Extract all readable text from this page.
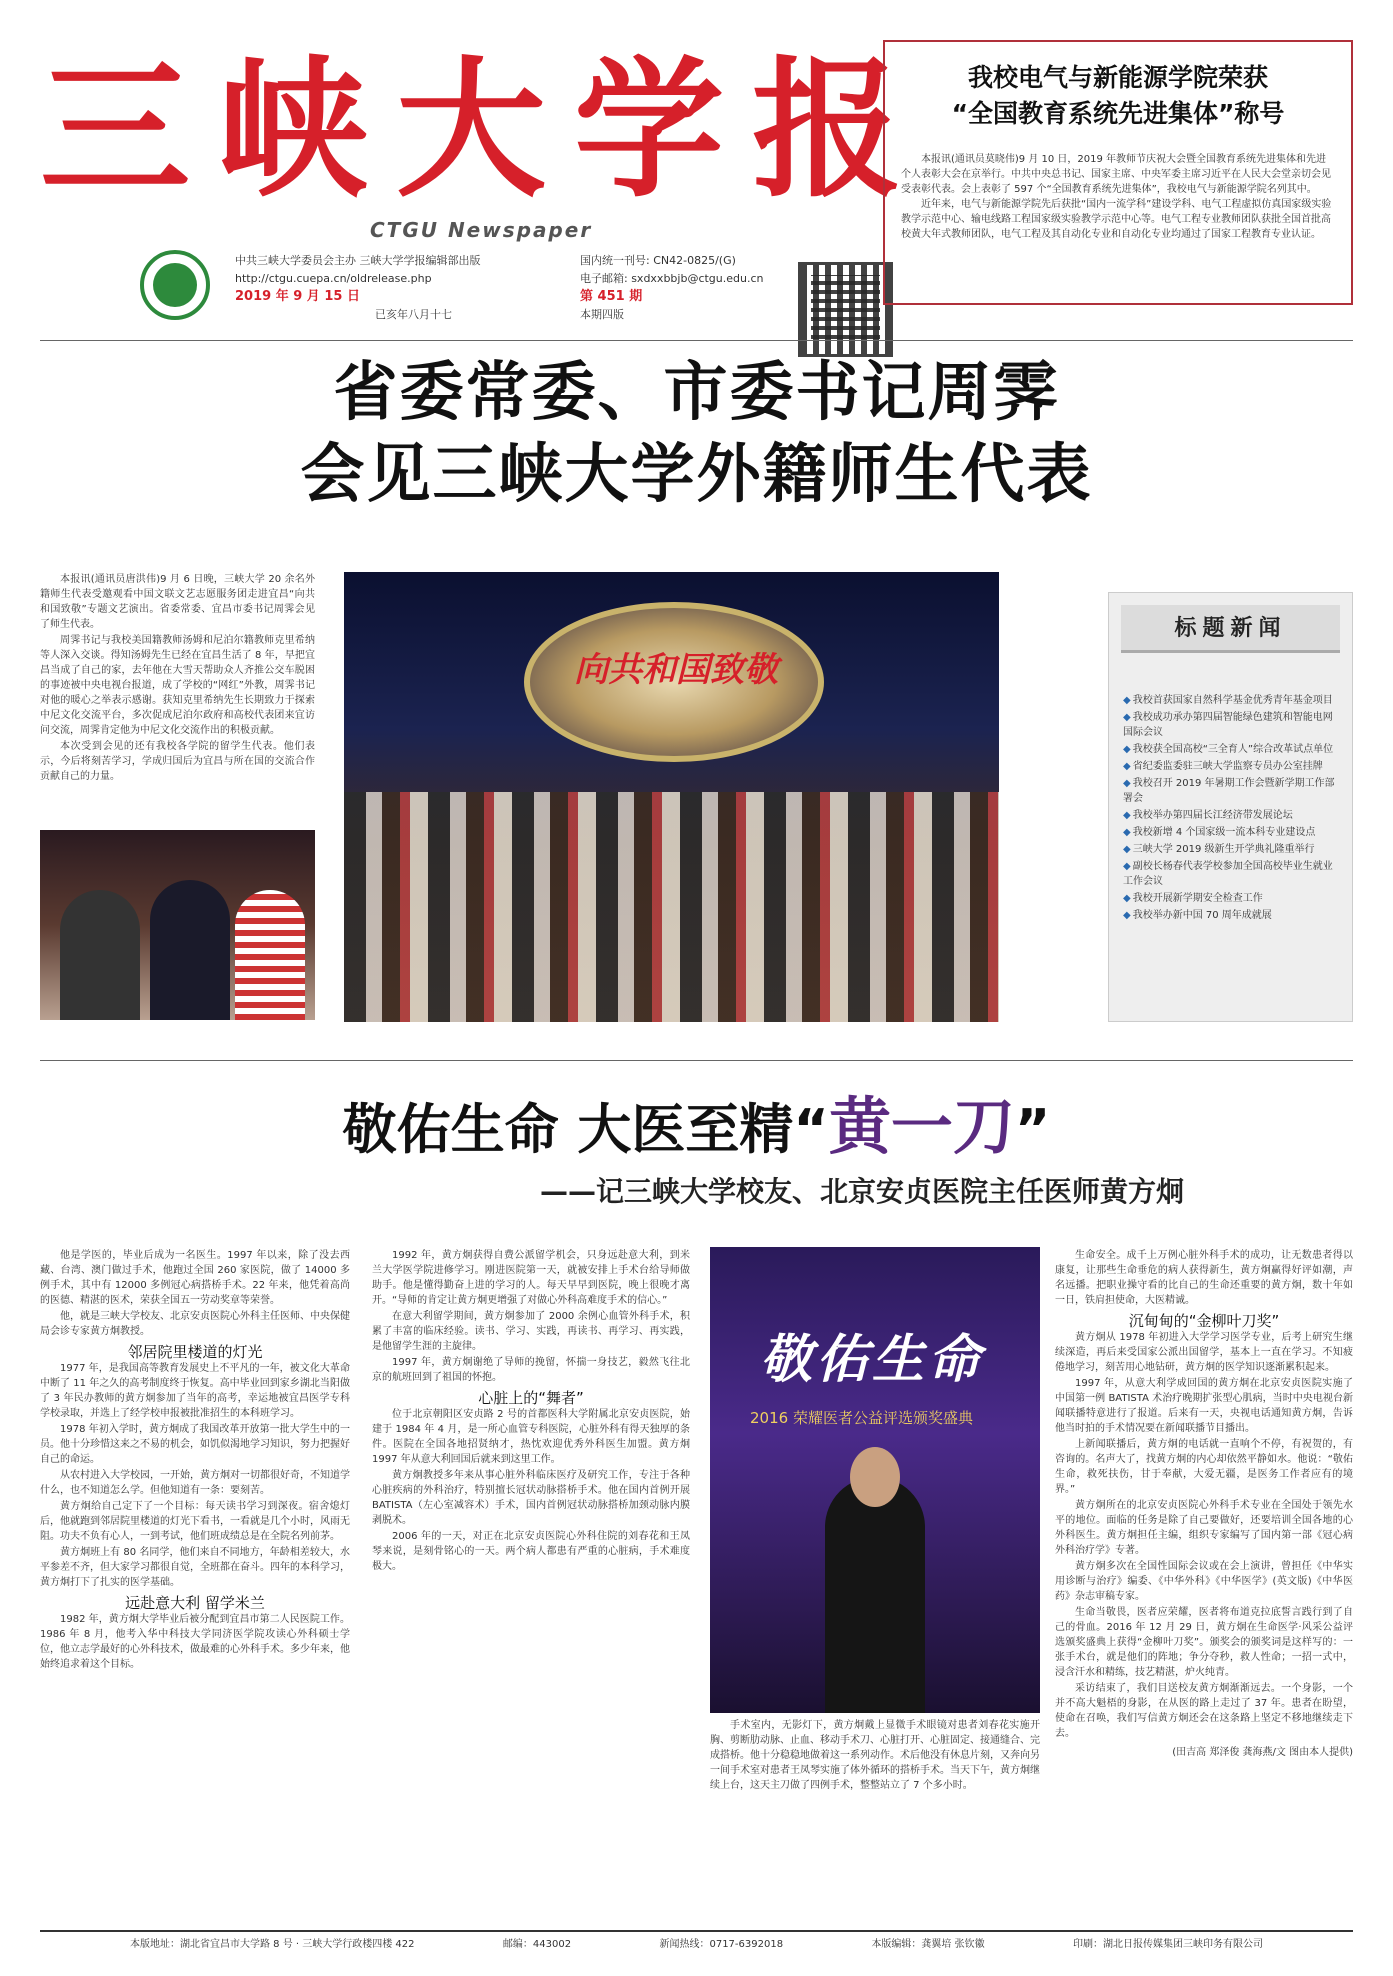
三峡大学报
CTGU Newspaper
中共三峡大学委员会主办 三峡大学学报编辑部出版
http://ctgu.cuepa.cn/oldrelease.php
2019 年 9 月 15 日
已亥年八月十七
国内统一刊号: CN42-0825/(G)
电子邮箱: sxdxxbbjb@ctgu.edu.cn
第 451 期
本期四版
我校电气与新能源学院荣获
“全国教育系统先进集体”称号

本报讯(通讯员莫晓伟)9 月 10 日，2019 年教师节庆祝大会暨全国教育系统先进集体和先进个人表彰大会在京举行。中共中央总书记、国家主席、中央军委主席习近平在人民大会堂亲切会见受表彰代表。会上表彰了 597 个“全国教育系统先进集体”，我校电气与新能源学院名列其中。

近年来，电气与新能源学院先后获批“国内一流学科”建设学科、电气工程虚拟仿真国家级实验教学示范中心、输电线路工程国家级实验教学示范中心等。电气工程专业教师团队获批全国首批高校黄大年式教师团队，电气工程及其自动化专业和自动化专业均通过了国家工程教育专业认证。

省委常委、市委书记周霁
会见三峡大学外籍师生代表

本报讯(通讯员唐洪伟)9 月 6 日晚，三峡大学 20 余名外籍师生代表受邀观看中国文联文艺志愿服务团走进宜昌“向共和国致敬”专题文艺演出。省委常委、宜昌市委书记周霁会见了师生代表。

周霁书记与我校美国籍教师汤姆和尼泊尔籍教师克里希纳等人深入交谈。得知汤姆先生已经在宜昌生活了 8 年，早把宜昌当成了自己的家，去年他在大雪天帮助众人齐推公交车脱困的事迹被中央电视台报道，成了学校的“网红”外教，周霁书记对他的暖心之举表示感谢。获知克里希纳先生长期致力于探索中尼文化交流平台，多次促成尼泊尔政府和高校代表团来宜访问交流，周霁肯定他为中尼文化交流作出的积极贡献。

本次受到会见的还有我校各学院的留学生代表。他们表示，今后将刻苦学习，学成归国后为宜昌与所在国的交流合作贡献自己的力量。

向共和国致敬
标题新闻
◆ 我校首获国家自然科学基金优秀青年基金项目
◆ 我校成功承办第四届智能绿色建筑和智能电网国际会议
◆ 我校获全国高校“三全育人”综合改革试点单位
◆ 省纪委监委驻三峡大学监察专员办公室挂牌
◆ 我校召开 2019 年暑期工作会暨新学期工作部署会
◆ 我校举办第四届长江经济带发展论坛
◆ 我校新增 4 个国家级一流本科专业建设点
◆ 三峡大学 2019 级新生开学典礼隆重举行
◆ 副校长杨春代表学校参加全国高校毕业生就业工作会议
◆ 我校开展新学期安全检查工作
◆ 我校举办新中国 70 周年成就展
敬佑生命 大医至精“黄一刀”
——记三峡大学校友、北京安贞医院主任医师黄方炯

他是学医的，毕业后成为一名医生。1997 年以来，除了没去西藏、台湾、澳门做过手术，他跑过全国 260 家医院，做了 14000 多例手术，其中有 12000 多例冠心病搭桥手术。22 年来，他凭着高尚的医德、精湛的医术，荣获全国五一劳动奖章等荣誉。

他，就是三峡大学校友、北京安贞医院心外科主任医师、中央保健局会诊专家黄方炯教授。

邻居院里楼道的灯光

1977 年，是我国高等教育发展史上不平凡的一年，被文化大革命中断了 11 年之久的高考制度终于恢复。高中毕业回到家乡湖北当阳做了 3 年民办教师的黄方炯参加了当年的高考，幸运地被宜昌医学专科学校录取，并选上了经学校申报被批准招生的本科班学习。

1978 年初入学时，黄方炯成了我国改革开放第一批大学生中的一员。他十分珍惜这来之不易的机会，如饥似渴地学习知识，努力把握好自己的命运。

从农村进入大学校园，一开始，黄方炯对一切都很好奇，不知道学什么，也不知道怎么学。但他知道有一条：要刻苦。

黄方炯给自己定下了一个目标：每天读书学习到深夜。宿舍熄灯后，他就跑到邻居院里楼道的灯光下看书，一看就是几个小时，风雨无阻。功夫不负有心人，一到考试，他们班成绩总是在全院名列前茅。

黄方炯班上有 80 名同学，他们来自不同地方，年龄相差较大，水平参差不齐，但大家学习都很自觉，全班都在奋斗。四年的本科学习，黄方炯打下了扎实的医学基础。

远赴意大利 留学米兰

1982 年，黄方炯大学毕业后被分配到宜昌市第二人民医院工作。1986 年 8 月，他考入华中科技大学同济医学院攻读心外科硕士学位，他立志学最好的心外科技术，做最难的心外科手术。多少年来，他始终追求着这个目标。

1992 年，黄方炯获得自费公派留学机会，只身远赴意大利，到米兰大学医学院进修学习。刚进医院第一天，就被安排上手术台给导师做助手。他是懂得勤奋上进的学习的人。每天早早到医院，晚上很晚才离开。“导师的肯定让黄方炯更增强了对做心外科高难度手术的信心。”

在意大利留学期间，黄方炯参加了 2000 余例心血管外科手术，积累了丰富的临床经验。读书、学习、实践，再读书、再学习、再实践，是他留学生涯的主旋律。

1997 年，黄方炯谢绝了导师的挽留，怀揣一身技艺，毅然飞往北京的航班回到了祖国的怀抱。

心脏上的“舞者”

位于北京朝阳区安贞路 2 号的首都医科大学附属北京安贞医院，始建于 1984 年 4 月，是一所心血管专科医院，心脏外科有得天独厚的条件。医院在全国各地招贤纳才，热忱欢迎优秀外科医生加盟。黄方炯 1997 年从意大利回国后就来到这里工作。

黄方炯教授多年来从事心脏外科临床医疗及研究工作，专注于各种心脏疾病的外科治疗，特别擅长冠状动脉搭桥手术。他在国内首例开展 BATISTA（左心室减容术）手术，国内首例冠状动脉搭桥加颈动脉内膜剥脱术。

2006 年的一天，对正在北京安贞医院心外科住院的刘春花和王凤琴来说，是刻骨铭心的一天。两个病人都患有严重的心脏病，手术难度极大。

敬佑生命
2016 荣耀医者公益评选颁奖盛典
手术室内，无影灯下，黄方炯戴上显微手术眼镜对患者刘春花实施开胸、剪断肋动脉、止血、移动手术刀、心脏打开、心脏固定、接通缝合、完成搭桥。他十分稳稳地做着这一系列动作。术后他没有休息片刻，又奔向另一间手术室对患者王凤琴实施了体外循环的搭桥手术。当天下午，黄方炯继续上台，这天主刀做了四例手术，整整站立了 7 个多小时。

生命安全。成千上万例心脏外科手术的成功，让无数患者得以康复，让那些生命垂危的病人获得新生，黄方炯赢得好评如潮，声名远播。把职业操守看的比自己的生命还重要的黄方炯，数十年如一日，铁肩担使命，大医精诚。

沉甸甸的“金柳叶刀奖”

黄方炯从 1978 年初进入大学学习医学专业，后考上研究生继续深造，再后来受国家公派出国留学，基本上一直在学习。不知疲倦地学习，刻苦用心地钻研，黄方炯的医学知识逐渐累积起来。

1997 年，从意大利学成回国的黄方炯在北京安贞医院实施了中国第一例 BATISTA 术治疗晚期扩张型心肌病，当时中央电视台新闻联播特意进行了报道。后来有一天，央视电话通知黄方炯，告诉他当时拍的手术情况要在新闻联播节目播出。

上新闻联播后，黄方炯的电话就一直响个不停，有祝贺的，有咨询的。名声大了，找黄方炯的内心却依然平静如水。他说：“敬佑生命，救死扶伤，甘于奉献，大爱无疆，是医务工作者应有的境界。”

黄方炯所在的北京安贞医院心外科手术专业在全国处于领先水平的地位。面临的任务是除了自己要做好，还要培训全国各地的心外科医生。黄方炯担任主编，组织专家编写了国内第一部《冠心病外科治疗学》专著。

黄方炯多次在全国性国际会议或在会上演讲，曾担任《中华实用诊断与治疗》编委、《中华外科》《中华医学》(英文版)《中华医药》杂志审稿专家。

生命当敬畏，医者应荣耀，医者将布道克拉底誓言践行到了自己的骨血。2016 年 12 月 29 日，黄方炯在生命医学·风采公益评选颁奖盛典上获得“金柳叶刀奖”。颁奖会的颁奖词是这样写的：一张手术台，就是他们的阵地；争分夺秒，救人性命；一招一式中，浸含汗水和精练，技艺精湛，炉火纯青。

采访结束了，我们目送校友黄方炯渐渐远去。一个身影，一个并不高大魁梧的身影，在从医的路上走过了 37 年。患者在盼望，使命在召唤，我们写信黄方炯还会在这条路上坚定不移地继续走下去。

(田吉高 郑泽俊 龚海燕/文 图由本人提供)

本版地址：湖北省宜昌市大学路 8 号 · 三峡大学行政楼四楼 422	邮编：443002	新闻热线：0717-6392018	本版编辑：龚翼培 张钦徽	印刷：湖北日报传媒集团三峡印务有限公司
